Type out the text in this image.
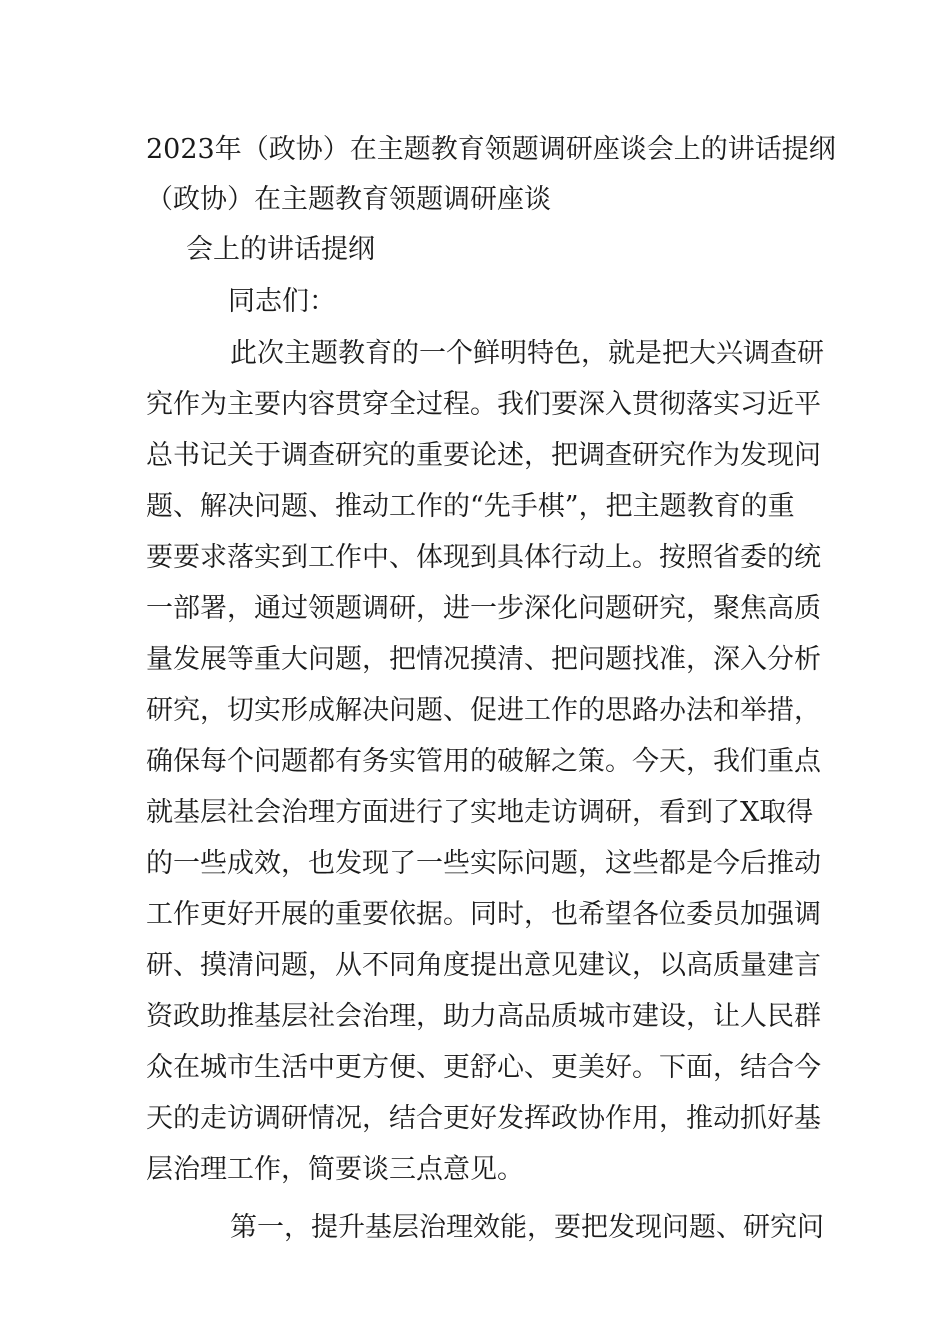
2023年（政协）在主题教育领题调研座谈会上的讲话提纲
（政协）在主题教育领题调研座谈
会上的讲话提纲
同志们：
此次主题教育的一个鲜明特色，就是把大兴调查研
究作为主要内容贯穿全过程。我们要深入贯彻落实习近平
总书记关于调查研究的重要论述，把调查研究作为发现问
题、解决问题、推动工作的“先手棋”，把主题教育的重
要要求落实到工作中、体现到具体行动上。按照省委的统
一部署，通过领题调研，进一步深化问题研究，聚焦高质
量发展等重大问题，把情况摸清、把问题找准，深入分析
研究，切实形成解决问题、促进工作的思路办法和举措，
确保每个问题都有务实管用的破解之策。今天，我们重点
就基层社会治理方面进行了实地走访调研，看到了X取得
的一些成效，也发现了一些实际问题，这些都是今后推动
工作更好开展的重要依据。同时，也希望各位委员加强调
研、摸清问题，从不同角度提出意见建议，以高质量建言
资政助推基层社会治理，助力高品质城市建设，让人民群
众在城市生活中更方便、更舒心、更美好。下面，结合今
天的走访调研情况，结合更好发挥政协作用，推动抓好基
层治理工作，简要谈三点意见。
第一，提升基层治理效能，要把发现问题、研究问
